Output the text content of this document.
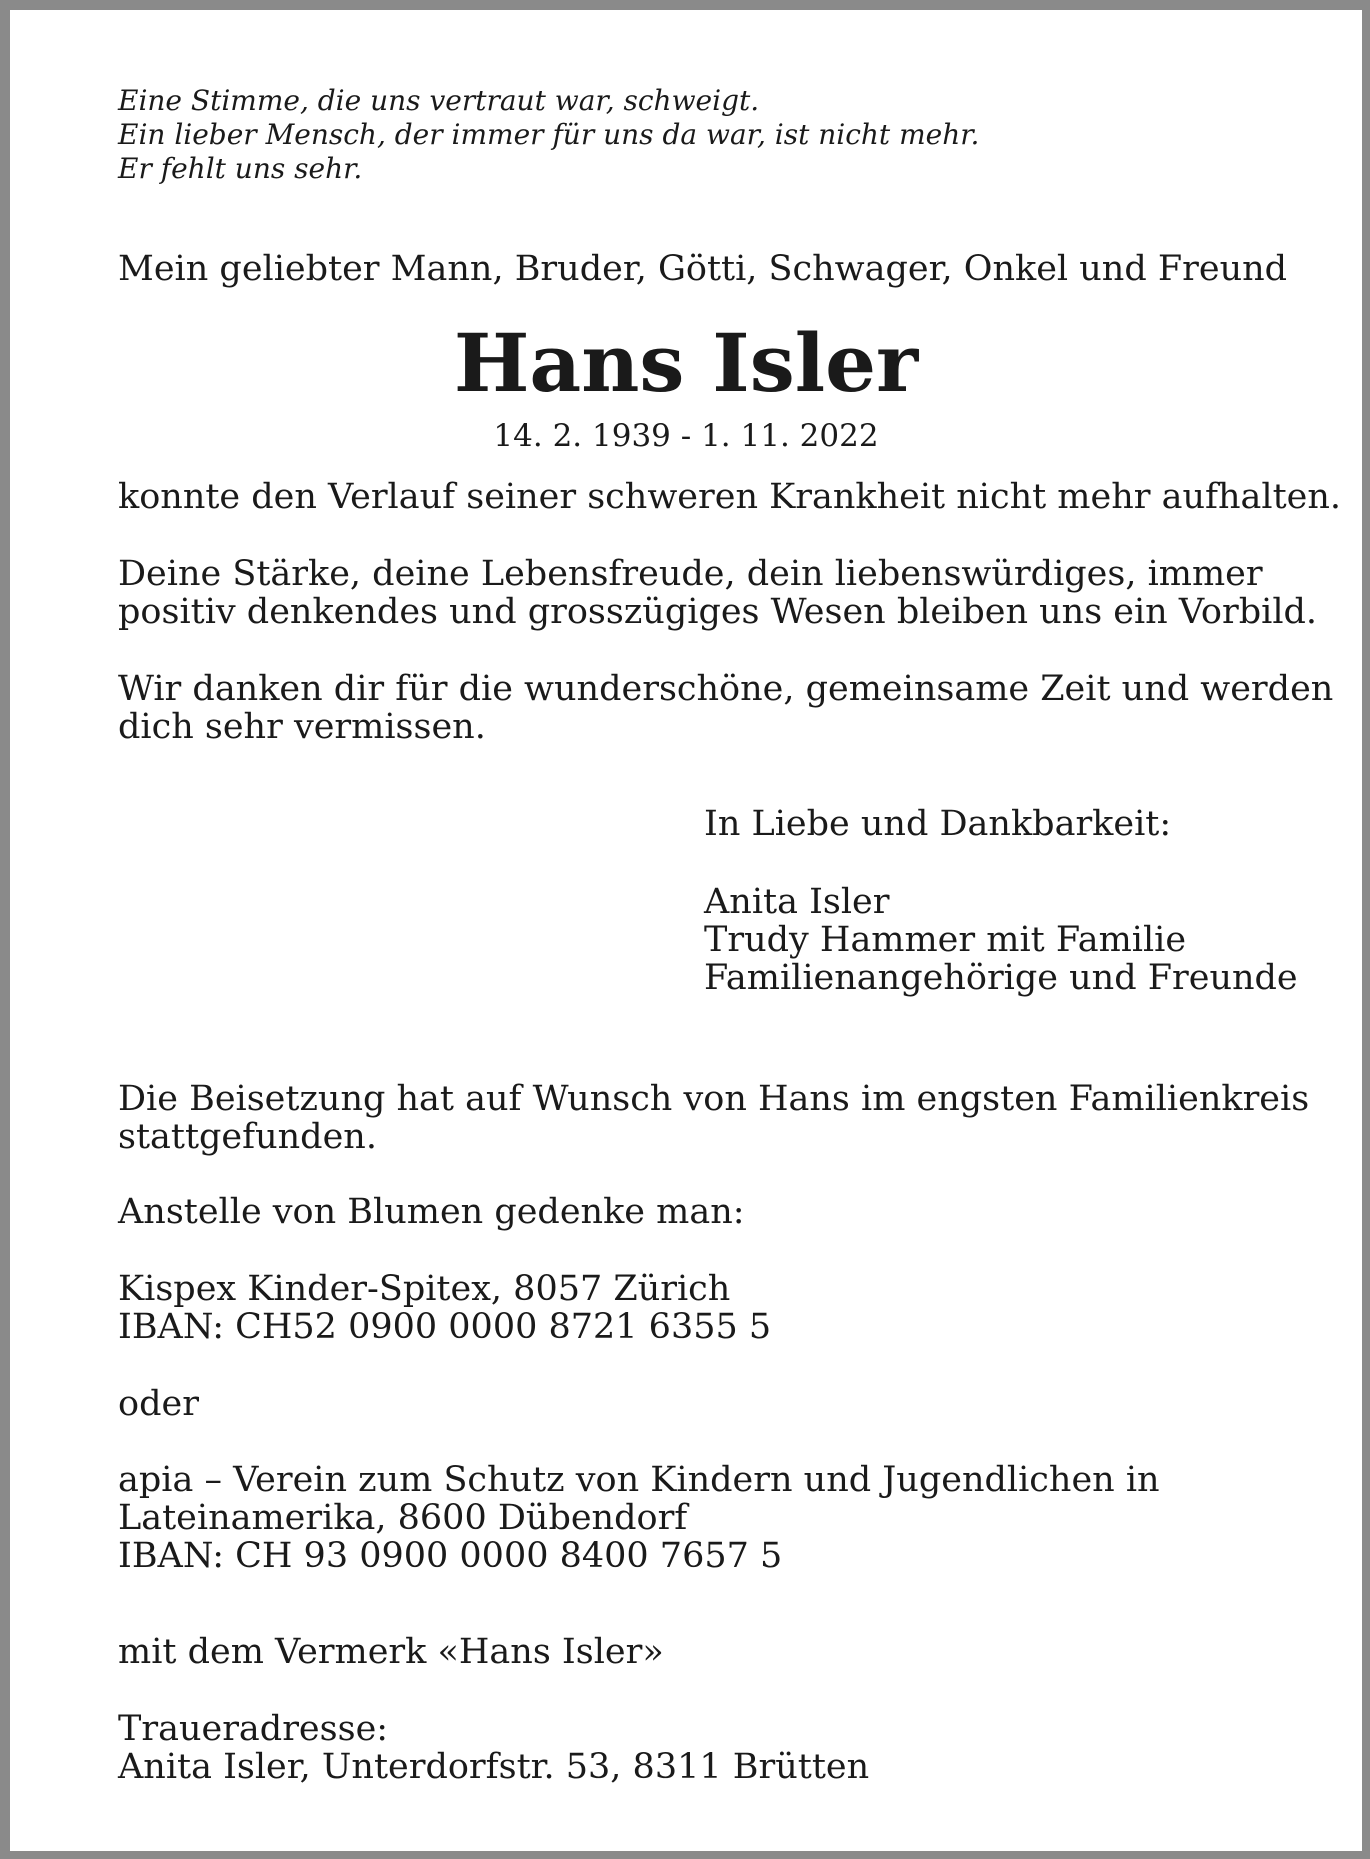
Eine Stimme, die uns vertraut war, schweigt.
Ein lieber Mensch, der immer für uns da war, ist nicht mehr.
Er fehlt uns sehr.
Mein geliebter Mann, Bruder, Götti, Schwager, Onkel und Freund
Hans Isler
14. 2. 1939 - 1. 11. 2022
konnte den Verlauf seiner schweren Krankheit nicht mehr aufhalten.
Deine Stärke, deine Lebensfreude, dein liebenswürdiges, immer
positiv denkendes und grosszügiges Wesen bleiben uns ein Vorbild.
Wir danken dir für die wunderschöne, gemeinsame Zeit und werden
dich sehr vermissen.
In Liebe und Dankbarkeit:
Anita Isler
Trudy Hammer mit Familie
Familienangehörige und Freunde
Die Beisetzung hat auf Wunsch von Hans im engsten Familienkreis
stattgefunden.
Anstelle von Blumen gedenke man:
Kispex Kinder-Spitex, 8057 Zürich
IBAN: CH52 0900 0000 8721 6355 5
oder
apia – Verein zum Schutz von Kindern und Jugendlichen in
Lateinamerika, 8600 Dübendorf
IBAN: CH 93 0900 0000 8400 7657 5
mit dem Vermerk «Hans Isler»
Traueradresse:
Anita Isler, Unterdorfstr. 53, 8311 Brütten
